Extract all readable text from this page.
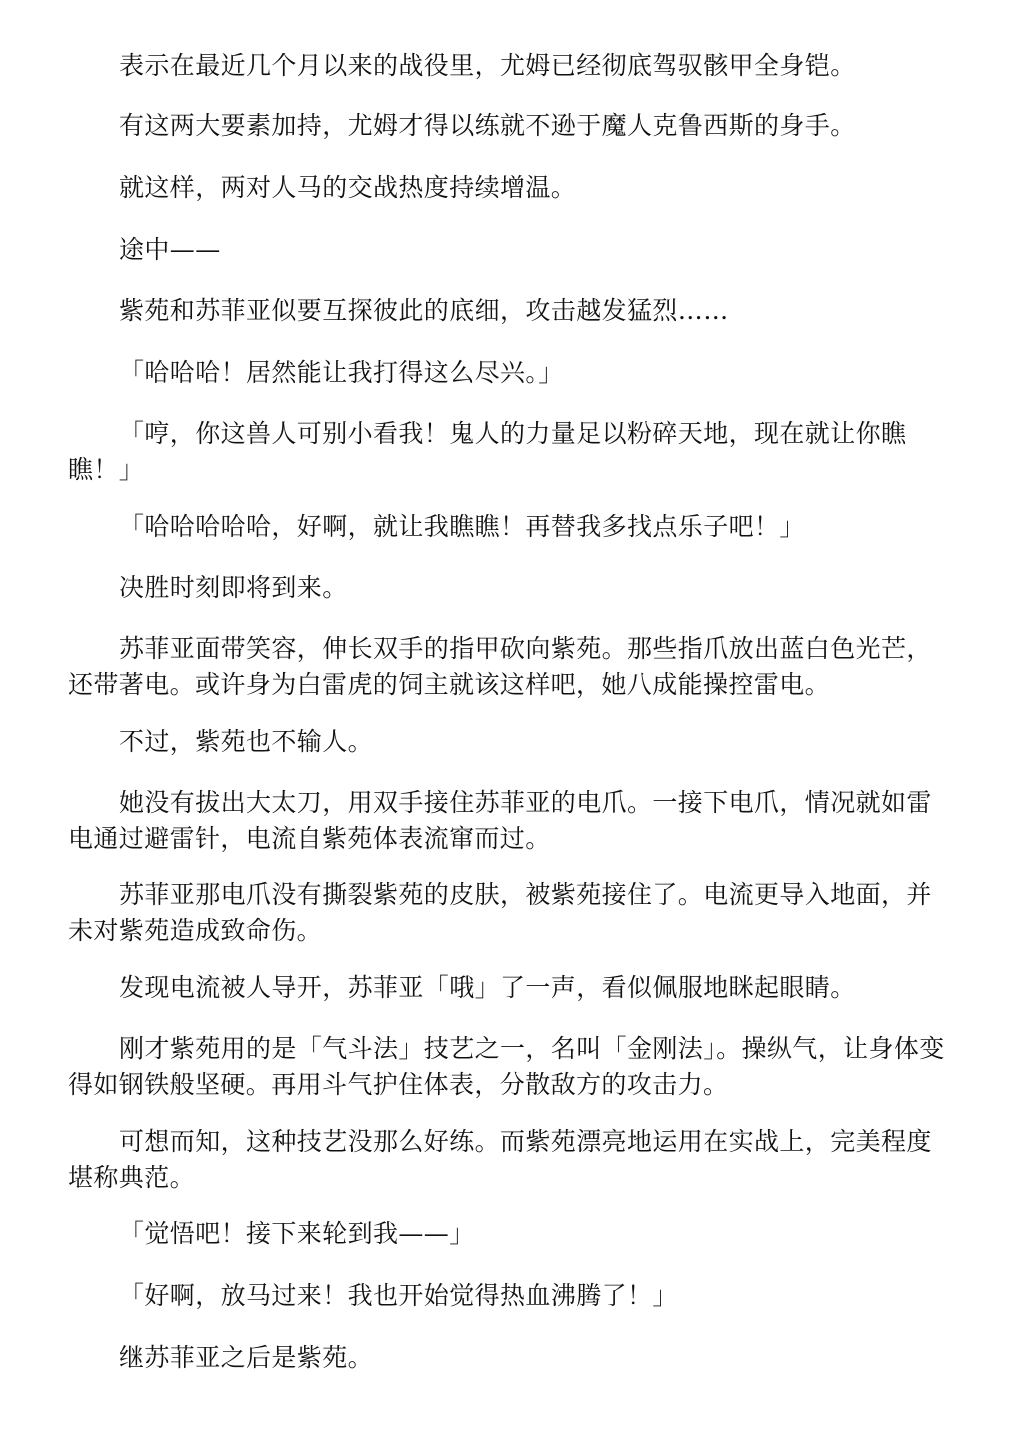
表示在最近几个月以来的战役里，尤姆已经彻底驾驭骸甲全身铠。

有这两大要素加持，尤姆才得以练就不逊于魔人克鲁西斯的身手。

就这样，两对人马的交战热度持续增温。

途中——

紫苑和苏菲亚似要互探彼此的底细，攻击越发猛烈……

「哈哈哈！居然能让我打得这么尽兴。」

「哼，你这兽人可别小看我！鬼人的力量足以粉碎天地，现在就让你瞧瞧！」

「哈哈哈哈哈，好啊，就让我瞧瞧！再替我多找点乐子吧！」

决胜时刻即将到来。

苏菲亚面带笑容，伸长双手的指甲砍向紫苑。那些指爪放出蓝白色光芒，还带著电。或许身为白雷虎的饲主就该这样吧，她八成能操控雷电。

不过，紫苑也不输人。

她没有拔出大太刀，用双手接住苏菲亚的电爪。一接下电爪，情况就如雷电通过避雷针，电流自紫苑体表流窜而过。

苏菲亚那电爪没有撕裂紫苑的皮肤，被紫苑接住了。电流更导入地面，并未对紫苑造成致命伤。

发现电流被人导开，苏菲亚「哦」了一声，看似佩服地眯起眼睛。

刚才紫苑用的是「气斗法」技艺之一，名叫「金刚法」。操纵气，让身体变得如钢铁般坚硬。再用斗气护住体表，分散敌方的攻击力。

可想而知，这种技艺没那么好练。而紫苑漂亮地运用在实战上，完美程度堪称典范。

「觉悟吧！接下来轮到我——」

「好啊，放马过来！我也开始觉得热血沸腾了！」

继苏菲亚之后是紫苑。
